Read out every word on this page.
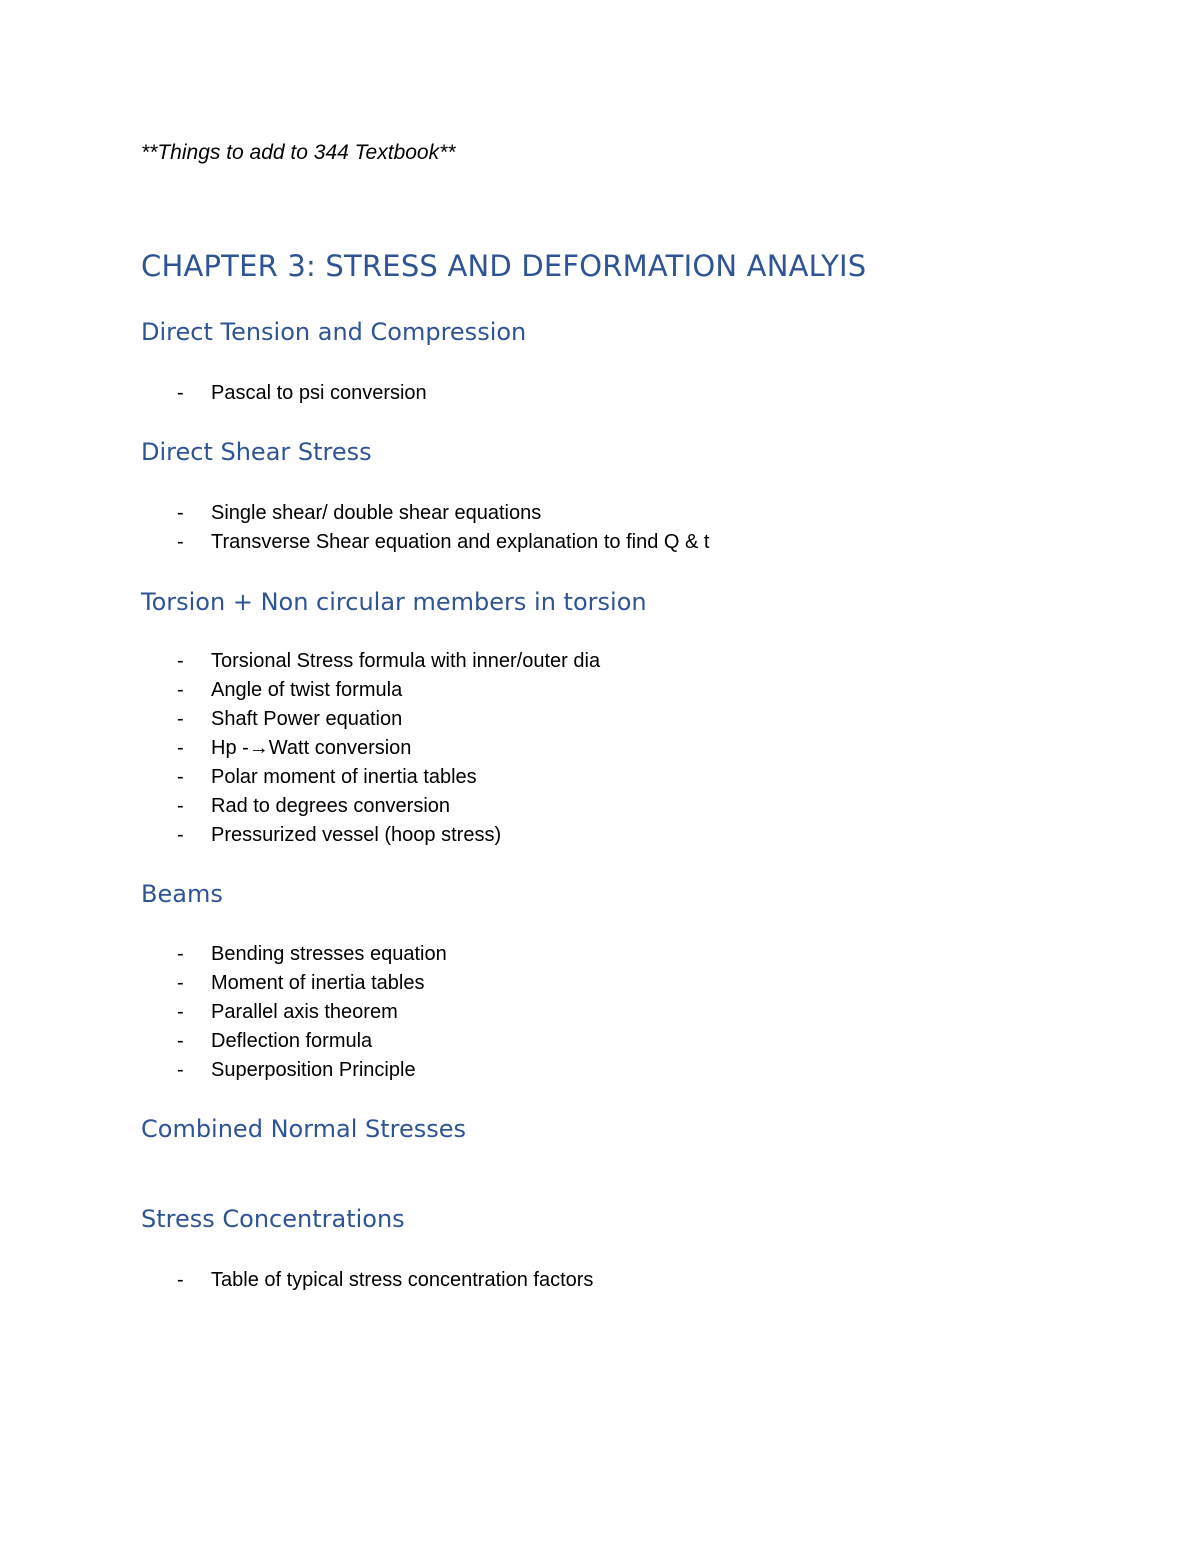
**Things to add to 344 Textbook**
CHAPTER 3: STRESS AND DEFORMATION ANALYIS
Direct Tension and Compression
- Pascal to psi conversion
Direct Shear Stress
- Single shear/ double shear equations
- Transverse Shear equation and explanation to find Q & t
Torsion + Non circular members in torsion
- Torsional Stress formula with inner/outer dia
- Angle of twist formula
- Shaft Power equation
- Hp -→Watt conversion
- Polar moment of inertia tables
- Rad to degrees conversion
- Pressurized vessel (hoop stress)
Beams
- Bending stresses equation
- Moment of inertia tables
- Parallel axis theorem
- Deflection formula
- Superposition Principle
Combined Normal Stresses
Stress Concentrations
- Table of typical stress concentration factors
